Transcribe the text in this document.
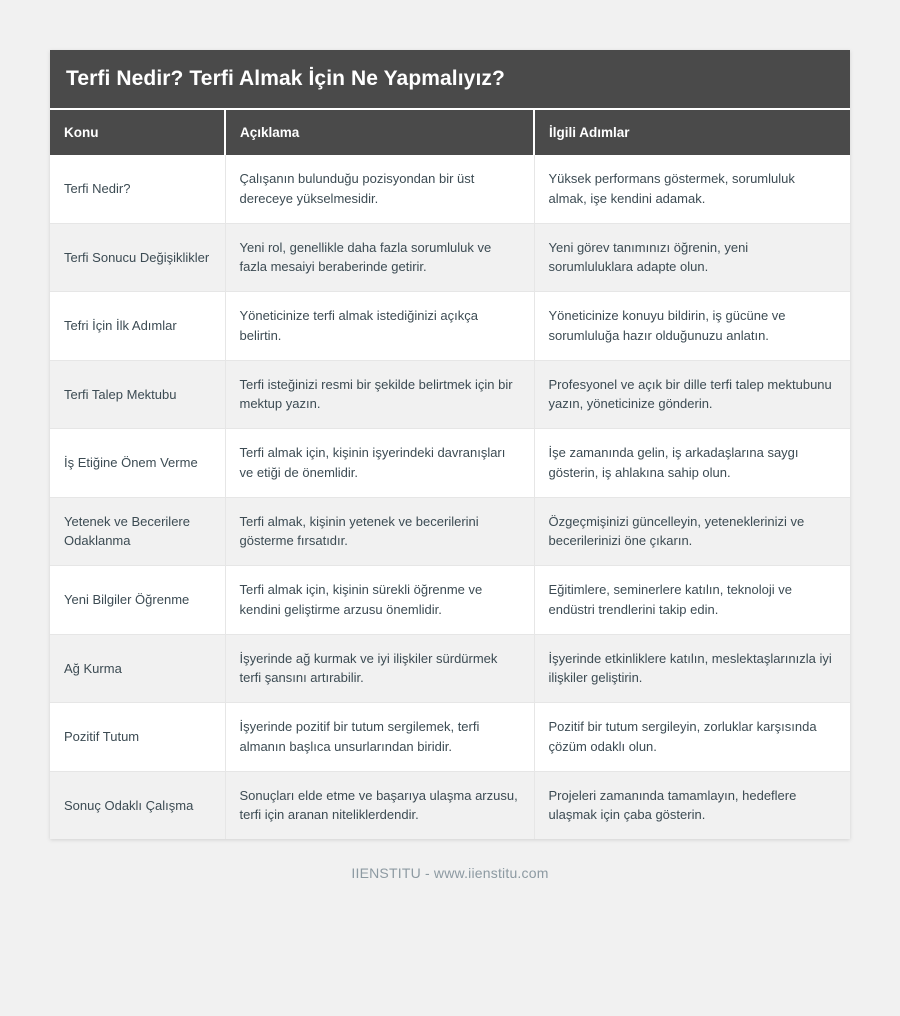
Terfi Nedir? Terfi Almak İçin Ne Yapmalıyız?
Konu	Açıklama	İlgili Adımlar
Terfi Nedir?	Çalışanın bulunduğu pozisyondan bir üst dereceye yükselmesidir.	Yüksek performans göstermek, sorumluluk almak, işe kendini adamak.
Terfi Sonucu Değişiklikler	Yeni rol, genellikle daha fazla sorumluluk ve fazla mesaiyi beraberinde getirir.	Yeni görev tanımınızı öğrenin, yeni sorumluluklara adapte olun.
Tefri İçin İlk Adımlar	Yöneticinize terfi almak istediğinizi açıkça belirtin.	Yöneticinize konuyu bildirin, iş gücüne ve sorumluluğa hazır olduğunuzu anlatın.
Terfi Talep Mektubu	Terfi isteğinizi resmi bir şekilde belirtmek için bir mektup yazın.	Profesyonel ve açık bir dille terfi talep mektubunu yazın, yöneticinize gönderin.
İş Etiğine Önem Verme	Terfi almak için, kişinin işyerindeki davranışları ve etiği de önemlidir.	İşe zamanında gelin, iş arkadaşlarına saygı gösterin, iş ahlakına sahip olun.
Yetenek ve Becerilere Odaklanma	Terfi almak, kişinin yetenek ve becerilerini gösterme fırsatıdır.	Özgeçmişinizi güncelleyin, yeteneklerinizi ve becerilerinizi öne çıkarın.
Yeni Bilgiler Öğrenme	Terfi almak için, kişinin sürekli öğrenme ve kendini geliştirme arzusu önemlidir.	Eğitimlere, seminerlere katılın, teknoloji ve endüstri trendlerini takip edin.
Ağ Kurma	İşyerinde ağ kurmak ve iyi ilişkiler sürdürmek terfi şansını artırabilir.	İşyerinde etkinliklere katılın, meslektaşlarınızla iyi ilişkiler geliştirin.
Pozitif Tutum	İşyerinde pozitif bir tutum sergilemek, terfi almanın başlıca unsurlarından biridir.	Pozitif bir tutum sergileyin, zorluklar karşısında çözüm odaklı olun.
Sonuç Odaklı Çalışma	Sonuçları elde etme ve başarıya ulaşma arzusu, terfi için aranan niteliklerdendir.	Projeleri zamanında tamamlayın, hedeflere ulaşmak için çaba gösterin.
IIENSTITU - www.iienstitu.com
